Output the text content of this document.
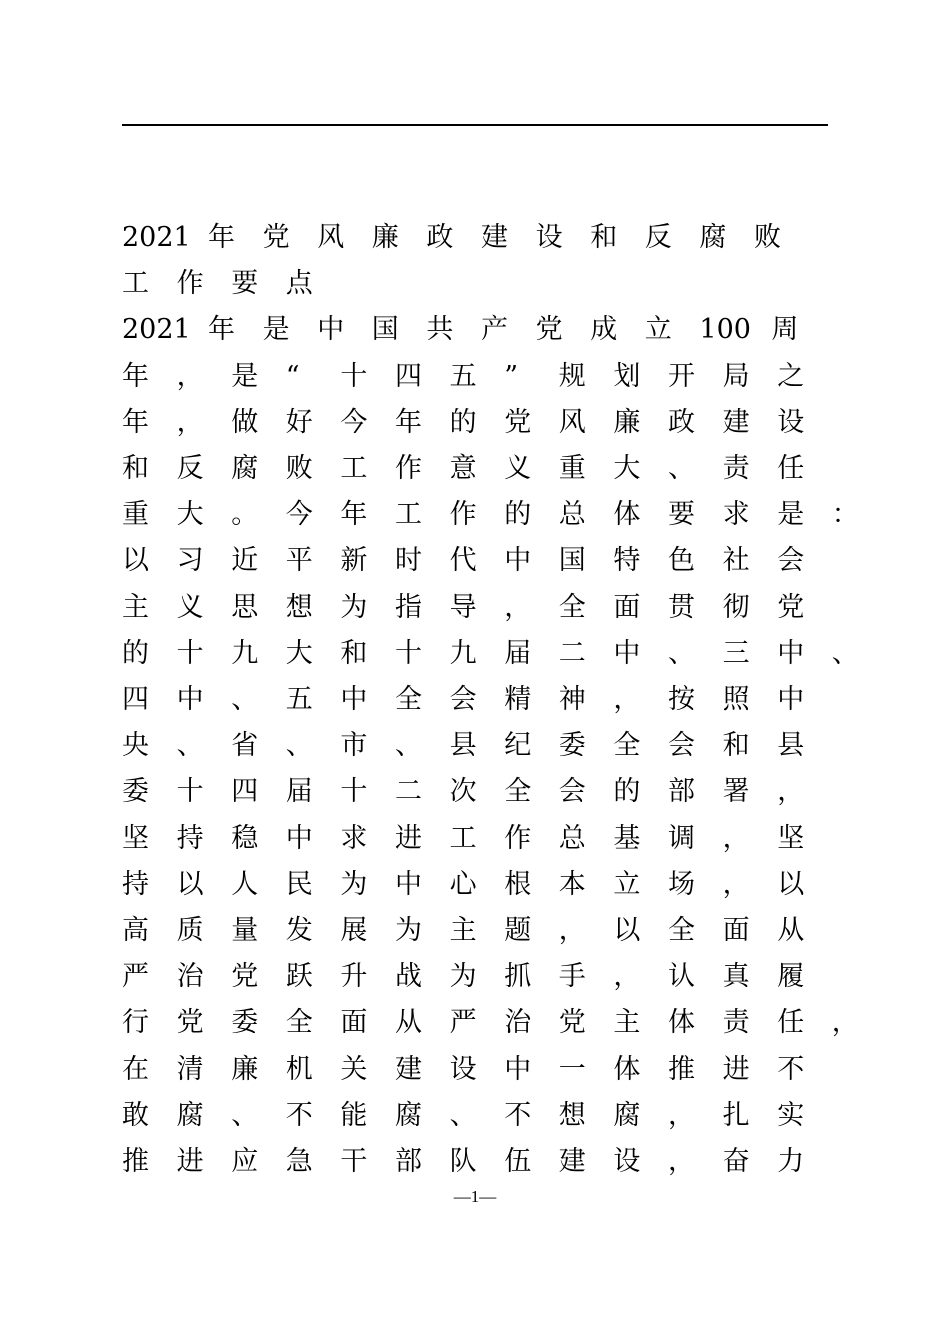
2021 年 党 风 廉 政 建 设 和 反 腐 败
工 作 要 点
2021 年 是 中 国 共 产 党 成 立 100 周
年 ， 是 “ 十 四 五 ” 规 划 开 局 之
年 ， 做 好 今 年 的 党 风 廉 政 建 设
和 反 腐 败 工 作 意 义 重 大 、 责 任
重 大 。 今 年 工 作 的 总 体 要 求 是 ：
以 习 近 平 新 时 代 中 国 特 色 社 会
主 义 思 想 为 指 导 ， 全 面 贯 彻 党
的 十 九 大 和 十 九 届 二 中 、 三 中 、
四 中 、 五 中 全 会 精 神 ， 按 照 中
央 、 省 、 市 、 县 纪 委 全 会 和 县
委 十 四 届 十 二 次 全 会 的 部 署 ，
坚 持 稳 中 求 进 工 作 总 基 调 ， 坚
持 以 人 民 为 中 心 根 本 立 场 ， 以
高 质 量 发 展 为 主 题 ， 以 全 面 从
严 治 党 跃 升 战 为 抓 手 ， 认 真 履
行 党 委 全 面 从 严 治 党 主 体 责 任 ，
在 清 廉 机 关 建 设 中 一 体 推 进 不
敢 腐 、 不 能 腐 、 不 想 腐 ， 扎 实
推 进 应 急 干 部 队 伍 建 设 ， 奋 力
—1—
